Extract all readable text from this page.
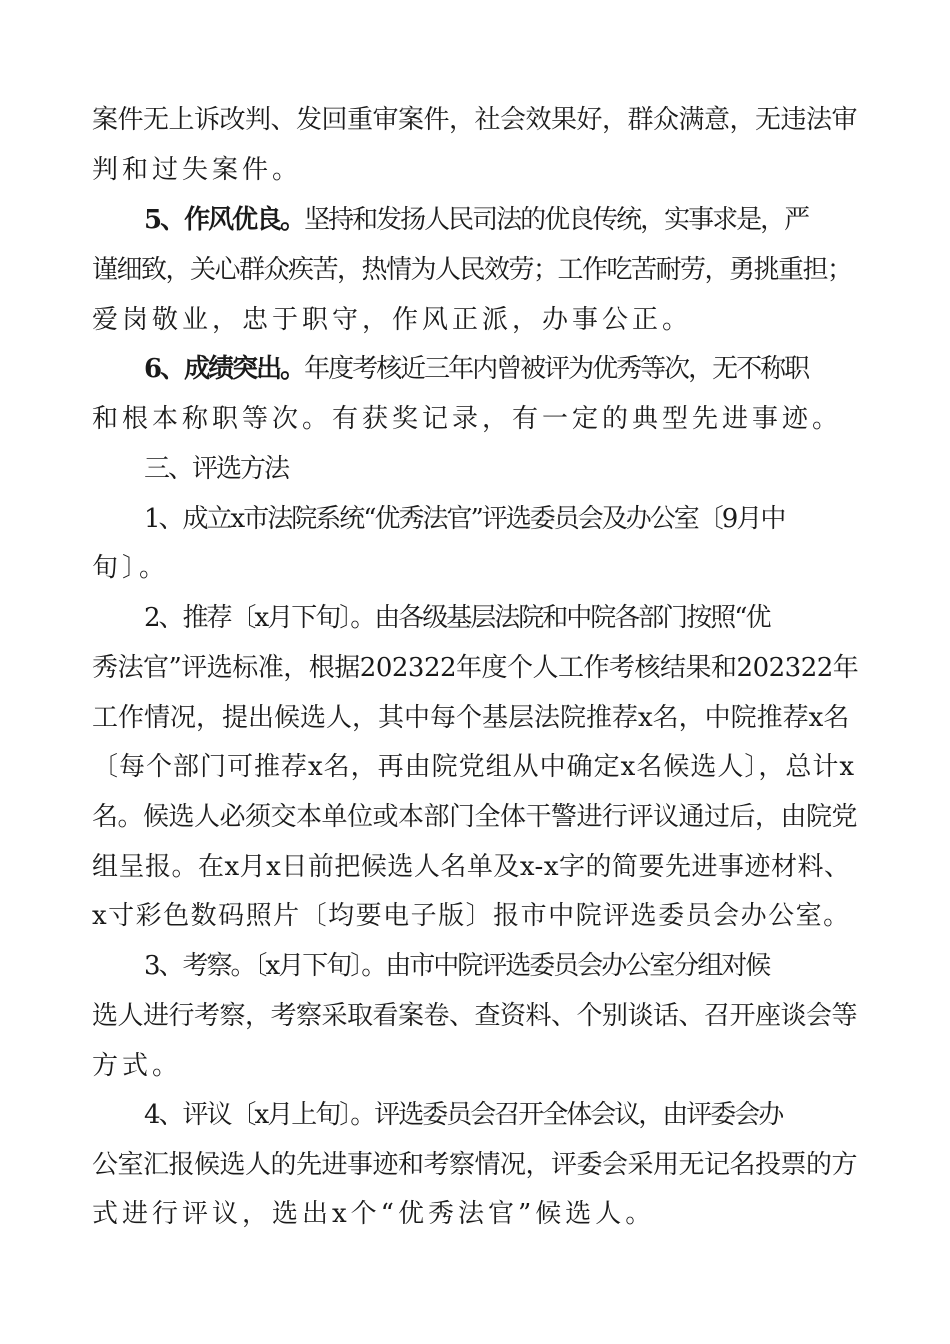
案件无上诉改判、发回重审案件，社会效果好，群众满意，无违法审
判和过失案件。
5、作风优良。坚持和发扬人民司法的优良传统，实事求是，严
谨细致，关心群众疾苦，热情为人民效劳；工作吃苦耐劳，勇挑重担；
爱岗敬业，忠于职守，作风正派，办事公正。
6、成绩突出。年度考核近三年内曾被评为优秀等次，无不称职
和根本称职等次。有获奖记录，有一定的典型先进事迹。
三、评选方法
1、成立x市法院系统“优秀法官”评选委员会及办公室〔9月中
旬〕。
2、推荐〔x月下旬〕。由各级基层法院和中院各部门按照“优
秀法官”评选标准，根据202322年度个人工作考核结果和202322年
工作情况，提出候选人，其中每个基层法院推荐x名，中院推荐x名
〔每个部门可推荐x名，再由院党组从中确定x名候选人〕，总计x
名。候选人必须交本单位或本部门全体干警进行评议通过后，由院党
组呈报。在x月x日前把候选人名单及x-x字的简要先进事迹材料、
x寸彩色数码照片〔均要电子版〕报市中院评选委员会办公室。
3、考察。〔x月下旬〕。由市中院评选委员会办公室分组对候
选人进行考察，考察采取看案卷、查资料、个别谈话、召开座谈会等
方式。
4、评议〔x月上旬〕。评选委员会召开全体会议，由评委会办
公室汇报候选人的先进事迹和考察情况，评委会采用无记名投票的方
式进行评议，选出x个“优秀法官”候选人。
